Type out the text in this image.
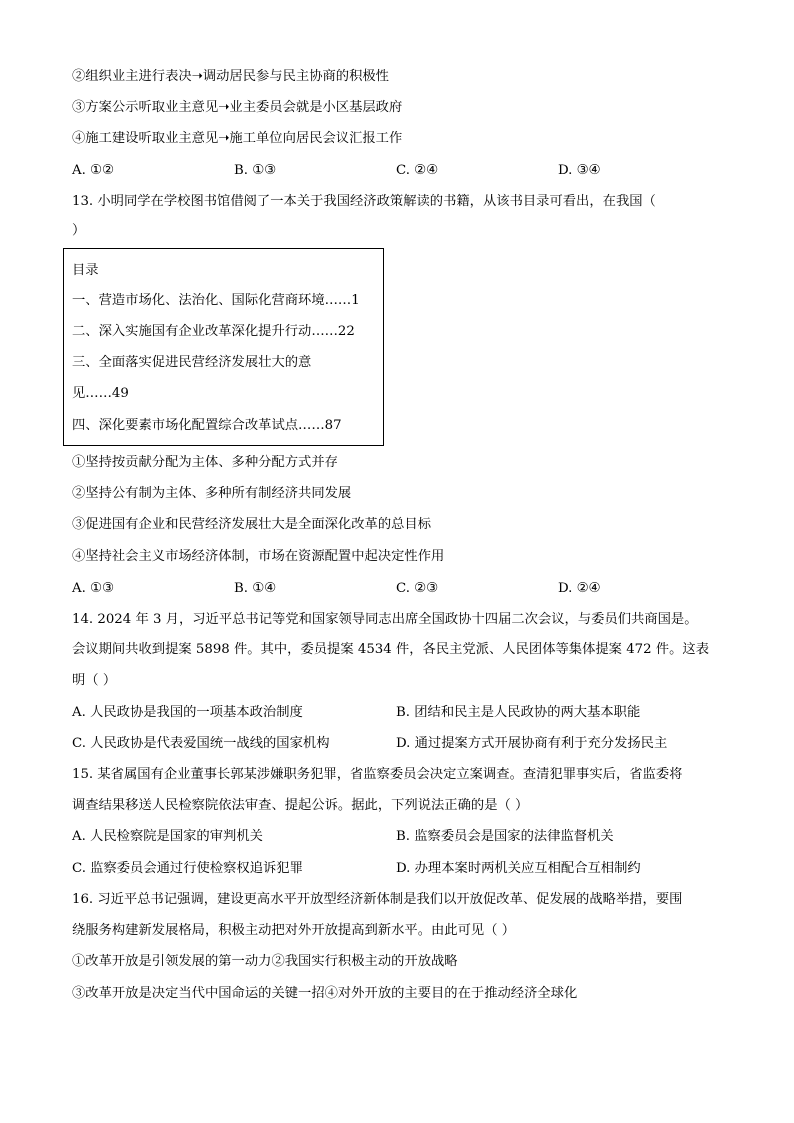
②组织业主进行表决➝调动居民参与民主协商的积极性
③方案公示听取业主意见➝业主委员会就是小区基层政府
④施工建设听取业主意见➝施工单位向居民会议汇报工作
A. ①②	B. ①③	C. ②④	D. ③④
13. 小明同学在学校图书馆借阅了一本关于我国经济政策解读的书籍，从该书目录可看出，在我国（
）
目录
一、营造市场化、法治化、国际化营商环境……1
二、深入实施国有企业改革深化提升行动……22
三、全面落实促进民营经济发展壮大的意
见……49
四、深化要素市场化配置综合改革试点……87
①坚持按贡献分配为主体、多种分配方式并存
②坚持公有制为主体、多种所有制经济共同发展
③促进国有企业和民营经济发展壮大是全面深化改革的总目标
④坚持社会主义市场经济体制，市场在资源配置中起决定性作用
A. ①③	B. ①④	C. ②③	D. ②④
14. 2024 年 3 月，习近平总书记等党和国家领导同志出席全国政协十四届二次会议，与委员们共商国是。
会议期间共收到提案 5898 件。其中，委员提案 4534 件，各民主党派、人民团体等集体提案 472 件。这表
明（ ）
A. 人民政协是我国的一项基本政治制度	B. 团结和民主是人民政协的两大基本职能
C. 人民政协是代表爱国统一战线的国家机构	D. 通过提案方式开展协商有利于充分发扬民主
15. 某省属国有企业董事长郭某涉嫌职务犯罪，省监察委员会决定立案调查。查清犯罪事实后，省监委将
调查结果移送人民检察院依法审查、提起公诉。据此，下列说法正确的是（ ）
A. 人民检察院是国家的审判机关	B. 监察委员会是国家的法律监督机关
C. 监察委员会通过行使检察权追诉犯罪	D. 办理本案时两机关应互相配合互相制约
16. 习近平总书记强调，建设更高水平开放型经济新体制是我们以开放促改革、促发展的战略举措，要围
绕服务构建新发展格局，积极主动把对外开放提高到新水平。由此可见（ ）
①改革开放是引领发展的第一动力②我国实行积极主动的开放战略
③改革开放是决定当代中国命运的关键一招④对外开放的主要目的在于推动经济全球化
